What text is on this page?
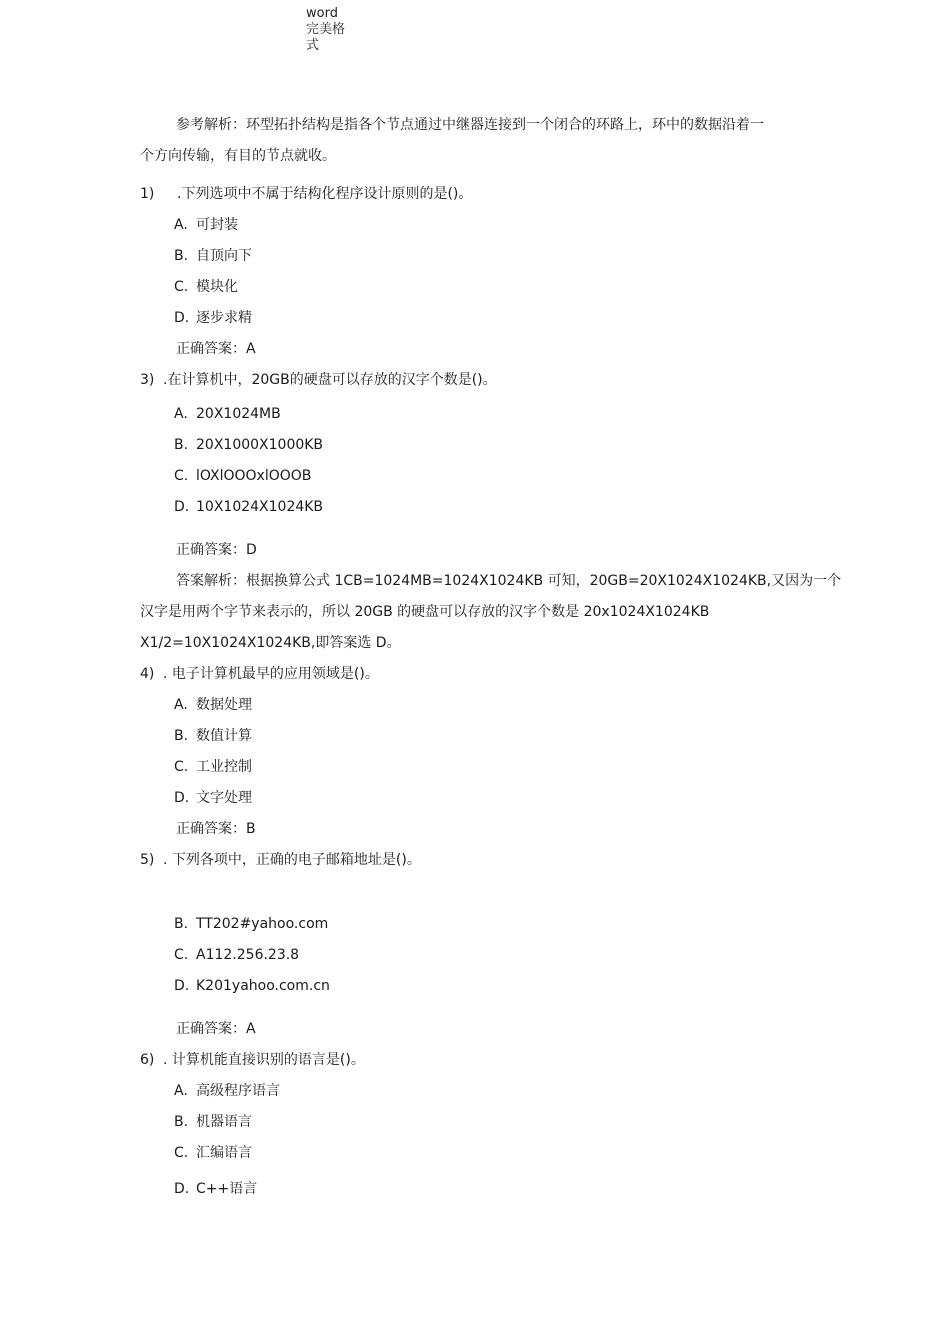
word
完美格
式
参考解析：环型拓扑结构是指各个节点通过中继器连接到一个闭合的环路上，环中的数据沿着一
个方向传输，有目的节点就收。
1) .下列选项中不属于结构化程序设计原则的是()。
A. 可封装
B. 自顶向下
C. 模块化
D. 逐步求精
正确答案：A
3) .在计算机中，20GB的硬盘可以存放的汉字个数是()。
A. 20X1024MB
B. 20X1000X1000KB
C. lOXlOOOxlOOOB
D. 10X1024X1024KB
正确答案：D
答案解析：根据换算公式 1CB=1024MB=1024X1024KB 可知，20GB=20X1024X1024KB,又因为一个
汉字是用两个字节来表示的，所以 20GB 的硬盘可以存放的汉字个数是 20x1024X1024KB
X1/2=10X1024X1024KB,即答案选 D。
4) . 电子计算机最早的应用领域是()。
A. 数据处理
B. 数值计算
C. 工业控制
D. 文字处理
正确答案：B
5) . 下列各项中，正确的电子邮箱地址是()。
B. TT202#yahoo.com
C. A112.256.23.8
D. K201yahoo.com.cn
正确答案：A
6) . 计算机能直接识别的语言是()。
A. 高级程序语言
B. 机器语言
C. 汇编语言
D. C++语言
